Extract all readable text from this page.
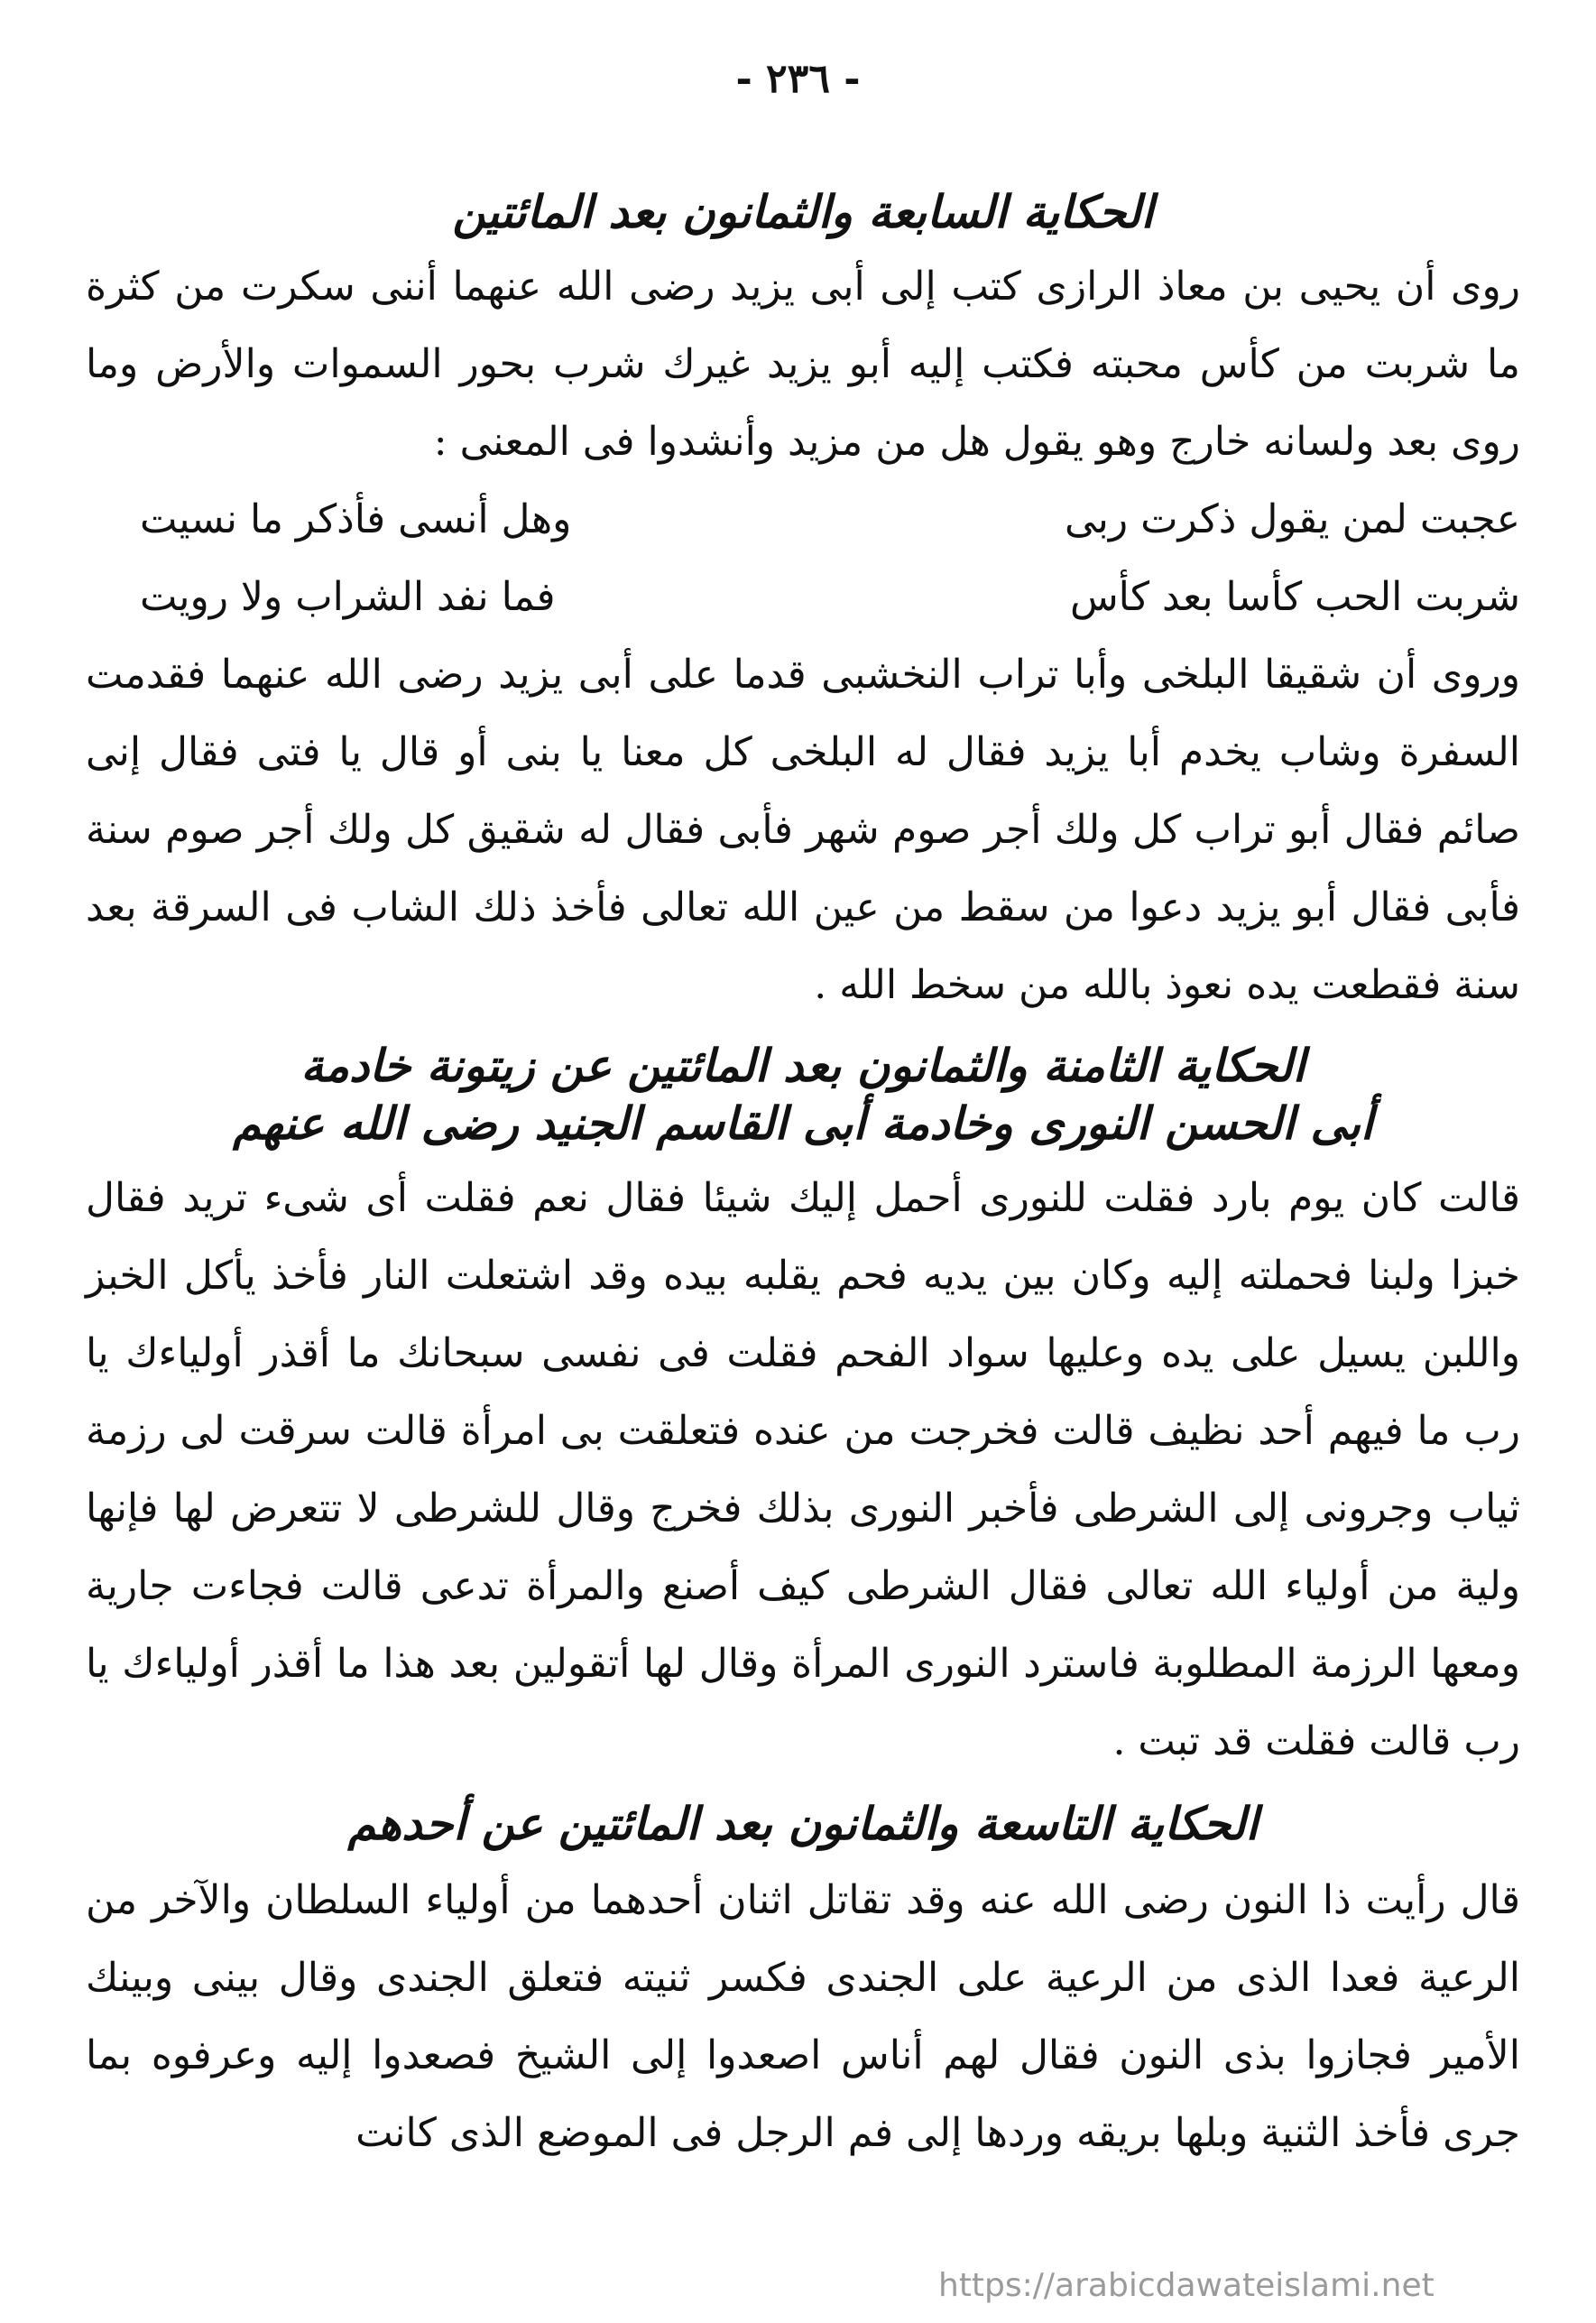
- ٢٣٦ -
الحكاية السابعة والثمانون بعد المائتين

روى أن يحيى بن معاذ الرازى كتب إلى أبى يزيد رضى الله عنهما أننى سكرت من كثرة ما شربت من كأس محبته فكتب إليه أبو يزيد غيرك شرب بحور السموات والأرض وما روى بعد ولسانه خارج وهو يقول هل من مزيد وأنشدوا فى المعنى :

عجبت لمن يقول ذكرت ربى
وهل أنسى فأذكر ما نسيت
شربت الحب كأسا بعد كأس
فما نفد الشراب ولا رويت

وروى أن شقيقا البلخى وأبا تراب النخشبى قدما على أبى يزيد رضى الله عنهما فقدمت السفرة وشاب يخدم أبا يزيد فقال له البلخى كل معنا يا بنى أو قال يا فتى فقال إنى صائم فقال أبو تراب كل ولك أجر صوم شهر فأبى فقال له شقيق كل ولك أجر صوم سنة فأبى فقال أبو يزيد دعوا من سقط من عين الله تعالى فأخذ ذلك الشاب فى السرقة بعد سنة فقطعت يده نعوذ بالله من سخط الله .

الحكاية الثامنة والثمانون بعد المائتين عن زيتونة خادمة
أبى الحسن النورى وخادمة أبى القاسم الجنيد رضى الله عنهم

قالت كان يوم بارد فقلت للنورى أحمل إليك شيئا فقال نعم فقلت أى شىء تريد فقال خبزا ولبنا فحملته إليه وكان بين يديه فحم يقلبه بيده وقد اشتعلت النار فأخذ يأكل الخبز واللبن يسيل على يده وعليها سواد الفحم فقلت فى نفسى سبحانك ما أقذر أولياءك يا رب ما فيهم أحد نظيف قالت فخرجت من عنده فتعلقت بى امرأة قالت سرقت لى رزمة ثياب وجرونى إلى الشرطى فأخبر النورى بذلك فخرج وقال للشرطى لا تتعرض لها فإنها ولية من أولياء الله تعالى فقال الشرطى كيف أصنع والمرأة تدعى قالت فجاءت جارية ومعها الرزمة المطلوبة فاسترد النورى المرأة وقال لها أتقولين بعد هذا ما أقذر أولياءك يا رب قالت فقلت قد تبت .

الحكاية التاسعة والثمانون بعد المائتين عن أحدهم

قال رأيت ذا النون رضى الله عنه وقد تقاتل اثنان أحدهما من أولياء السلطان والآخر من الرعية فعدا الذى من الرعية على الجندى فكسر ثنيته فتعلق الجندى وقال بينى وبينك الأمير فجازوا بذى النون فقال لهم أناس اصعدوا إلى الشيخ فصعدوا إليه وعرفوه بما جرى فأخذ الثنية وبلها بريقه وردها إلى فم الرجل فى الموضع الذى كانت

https://arabicdawateislami.net
